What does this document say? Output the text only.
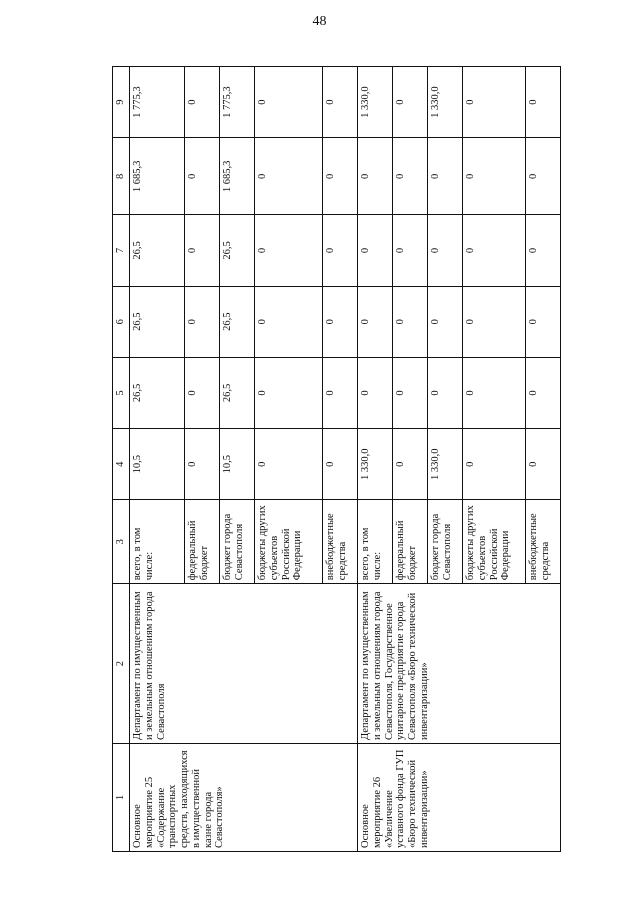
48
1	2	3	4	5	6	7	8	9
Основное мероприятие 25 «Содержание транспортных средств, находящихся в имущественной казне города Севастополя»	Департамент по имущественным и земельным отношениям города Севастополя	всего, в том числе:	10,5	26,5	26,5	26,5	1 685,3	1 775,3
		федеральный бюджет	0	0	0	0	0	0
		бюджет города Севастополя	10,5	26,5	26,5	26,5	1 685,3	1 775,3
		бюджеты других субъектов Российской Федерации	0	0	0	0	0	0
		внебюджетные средства	0	0	0	0	0	0
Основное мероприятие 26 «Увеличение уставного фонда ГУП «Бюро технической инвентаризации»	Департамент по имущественным и земельным отношениям города Севастополя, Государственное унитарное предприятие города Севастополя «Бюро технической инвентаризации»	всего, в том числе:	1 330,0	0	0	0	0	1 330,0
		федеральный бюджет	0	0	0	0	0	0
		бюджет города Севастополя	1 330,0	0	0	0	0	1 330,0
		бюджеты других субъектов Российской Федерации	0	0	0	0	0	0
		внебюджетные средства	0	0	0	0	0	0
